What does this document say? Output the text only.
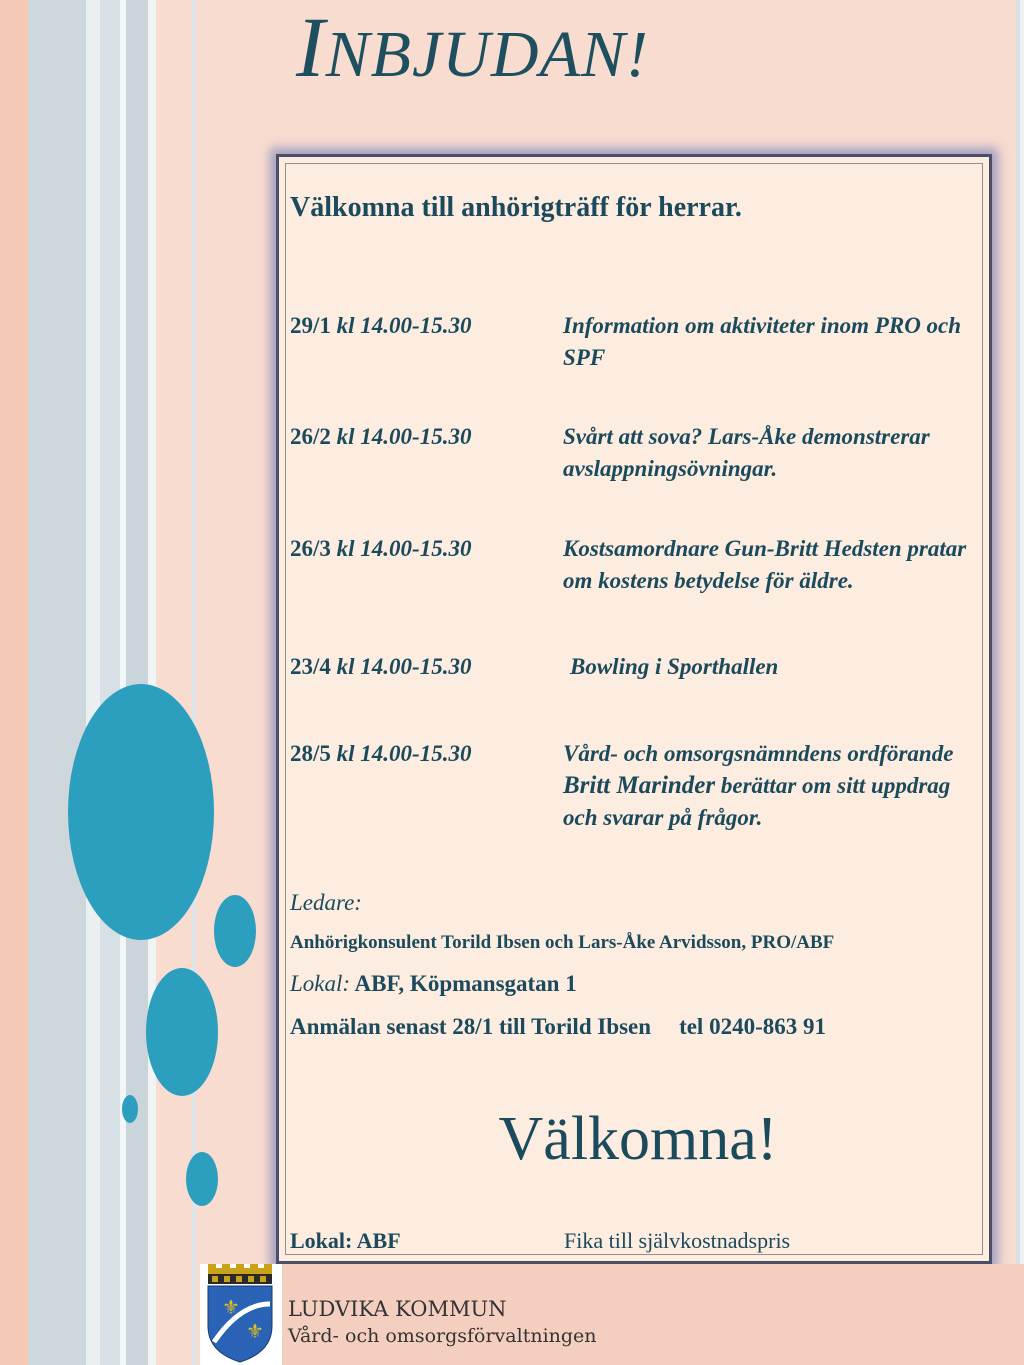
INBJUDAN!
Välkomna till anhörigträff för herrar.
29/1 kl 14.00-15.30	Information om aktiviteter inom PRO och SPF
26/2 kl 14.00-15.30	Svårt att sova? Lars-Åke demonstrerar avslappningsövningar.
26/3 kl 14.00-15.30	Kostsamordnare Gun-Britt Hedsten pratar om kostens betydelse för äldre.
23/4 kl 14.00-15.30	Bowling i Sporthallen
28/5 kl 14.00-15.30	Vård- och omsorgsnämndens ordförande Britt Marinder berättar om sitt uppdrag och svarar på frågor.
Ledare:
Anhörigkonsulent Torild Ibsen och Lars-Åke Arvidsson, PRO/ABF
Lokal: ABF, Köpmansgatan 1
Anmälan senast 28/1 till Torild Ibsen tel 0240-863 91
Välkomna!
Lokal: ABF	Fika till självkostnadspris
⚜
⚜
LUDVIKA KOMMUN
Vård- och omsorgsförvaltningen
